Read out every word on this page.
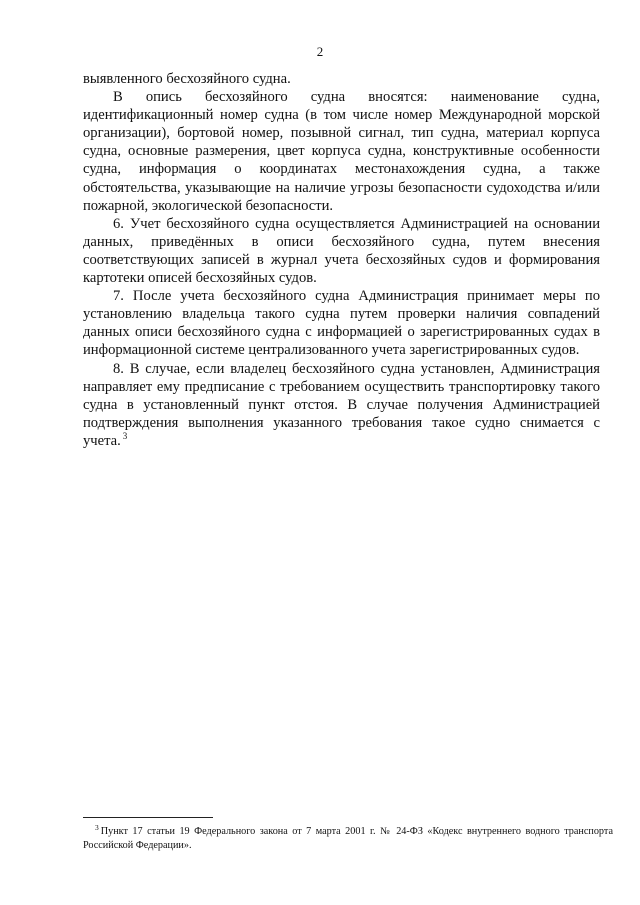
2

выявленного бесхозяйного судна.

В опись бесхозяйного судна вносятся: наименование судна, идентификационный номер судна (в том числе номер Международной морской организации), бортовой номер, позывной сигнал, тип судна, материал корпуса судна, основные размерения, цвет корпуса судна, конструктивные особенности судна, информация о координатах местонахождения судна, а также обстоятельства, указывающие на наличие угрозы безопасности судоходства и/или пожарной, экологической безопасности.

6. Учет бесхозяйного судна осуществляется Администрацией на основании данных, приведённых в описи бесхозяйного судна, путем внесения соответствующих записей в журнал учета бесхозяйных судов и формирования картотеки описей бесхозяйных судов.

7. После учета бесхозяйного судна Администрация принимает меры по установлению владельца такого судна путем проверки наличия совпадений данных описи бесхозяйного судна с информацией о зарегистрированных судах в информационной системе централизованного учета зарегистрированных судов.

8. В случае, если владелец бесхозяйного судна установлен, Администрация направляет ему предписание с требованием осуществить транспортировку такого судна в установленный пункт отстоя. В случае получения Администрацией подтверждения выполнения указанного требования такое судно снимается с учета. $^3$

$^3$ Пункт 17 статьи 19 Федерального закона от 7 марта 2001 г. № 24-ФЗ «Кодекс внутреннего водного транспорта Российской Федерации».
